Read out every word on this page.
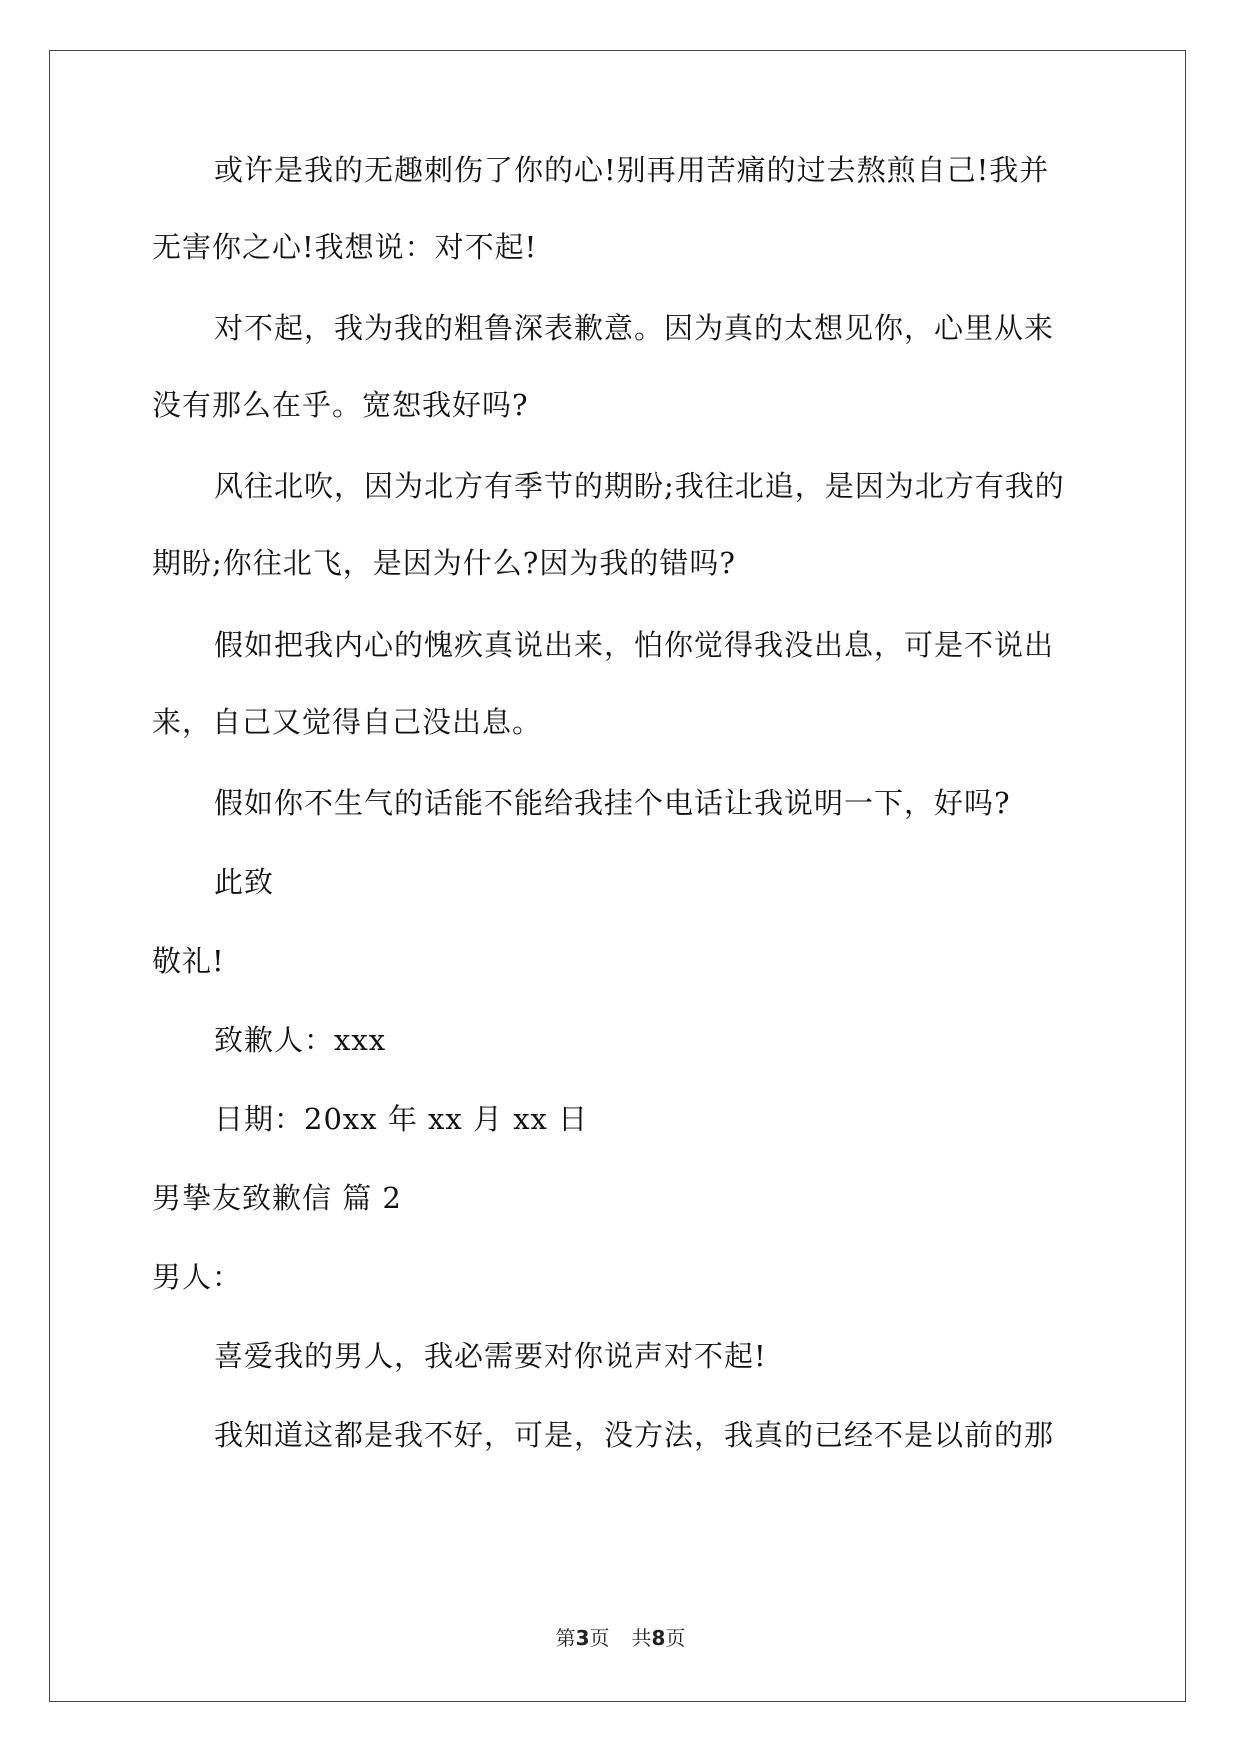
或许是我的无趣刺伤了你的心!别再用苦痛的过去熬煎自己!我并
无害你之心!我想说：对不起!
对不起，我为我的粗鲁深表歉意。因为真的太想见你，心里从来
没有那么在乎。宽恕我好吗?
风往北吹，因为北方有季节的期盼;我往北追，是因为北方有我的
期盼;你往北飞，是因为什么?因为我的错吗?
假如把我内心的愧疚真说出来，怕你觉得我没出息，可是不说出
来，自己又觉得自己没出息。
假如你不生气的话能不能给我挂个电话让我说明一下，好吗?
此致
敬礼!
致歉人：xxx
日期：20xx 年 xx 月 xx 日
男挚友致歉信 篇 2
男人：
喜爱我的男人，我必需要对你说声对不起!
我知道这都是我不好，可是，没方法，我真的已经不是以前的那
第3页 共8页
